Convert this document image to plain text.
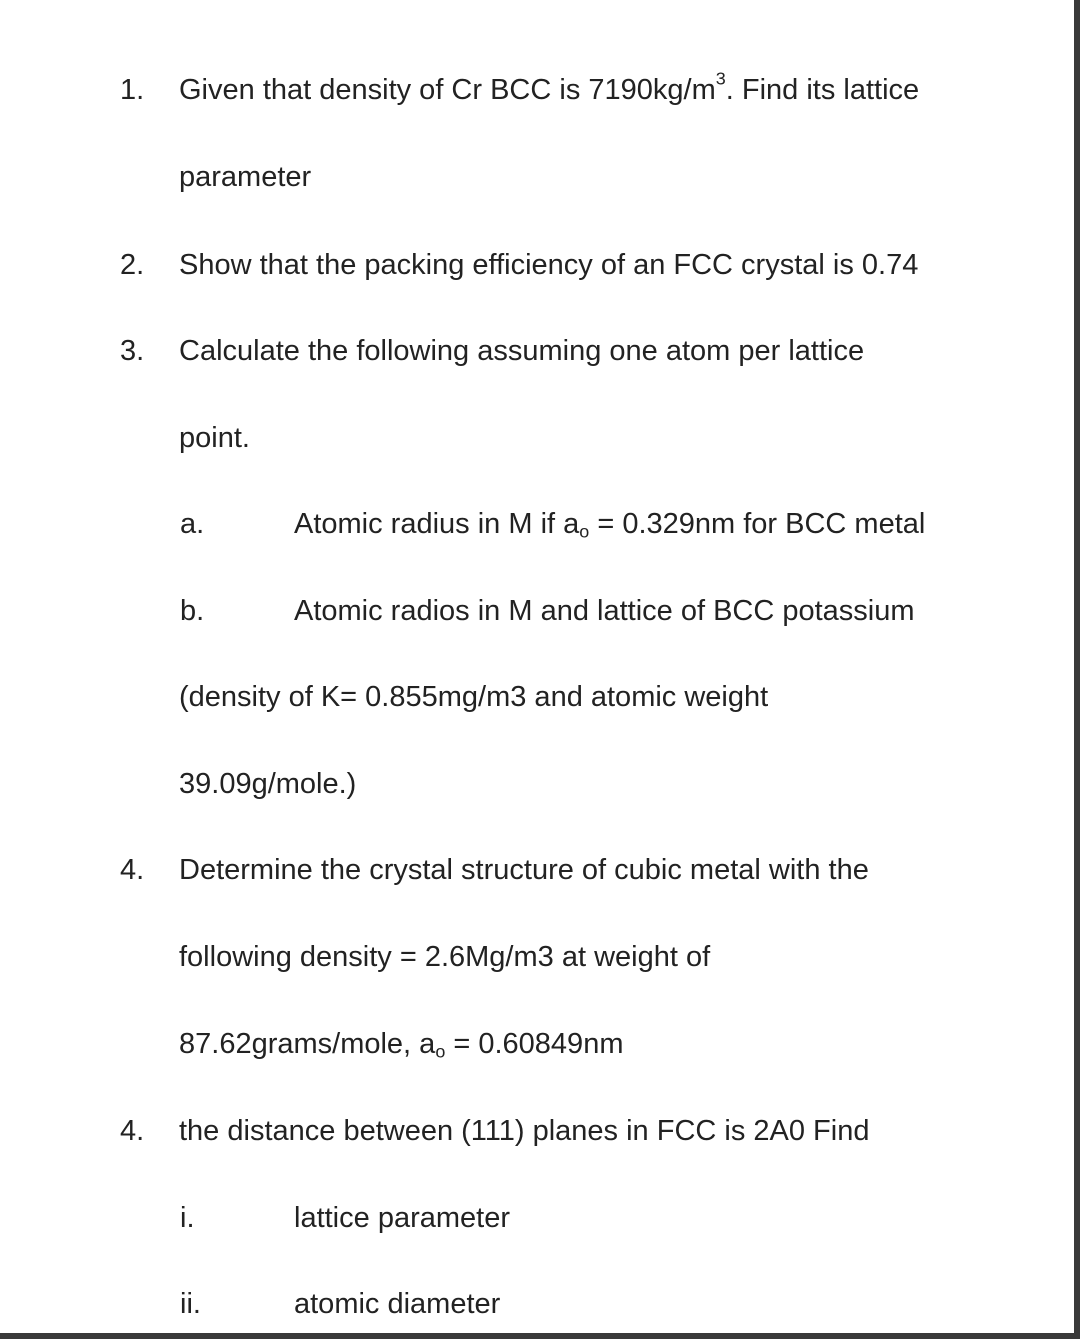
1. Given that density of Cr BCC is $7190kg/m^3$. Find its lattice
parameter
2. Show that the packing efficiency of an FCC crystal is 0.74
3. Calculate the following assuming one atom per lattice
point.
a.	Atomic radius in M if $a_o = 0.329nm$ for BCC metal
b.	Atomic radios in M and lattice of BCC potassium
(density of K= 0.855mg/m3 and atomic weight
39.09g/mole.)
4. Determine the crystal structure of cubic metal with the
following density = 2.6Mg/m3 at weight of
87.62grams/mole, $a_o = 0.60849nm$
4. the distance between (111) planes in FCC is 2A0 Find
i.	lattice parameter
ii.	atomic diameter
